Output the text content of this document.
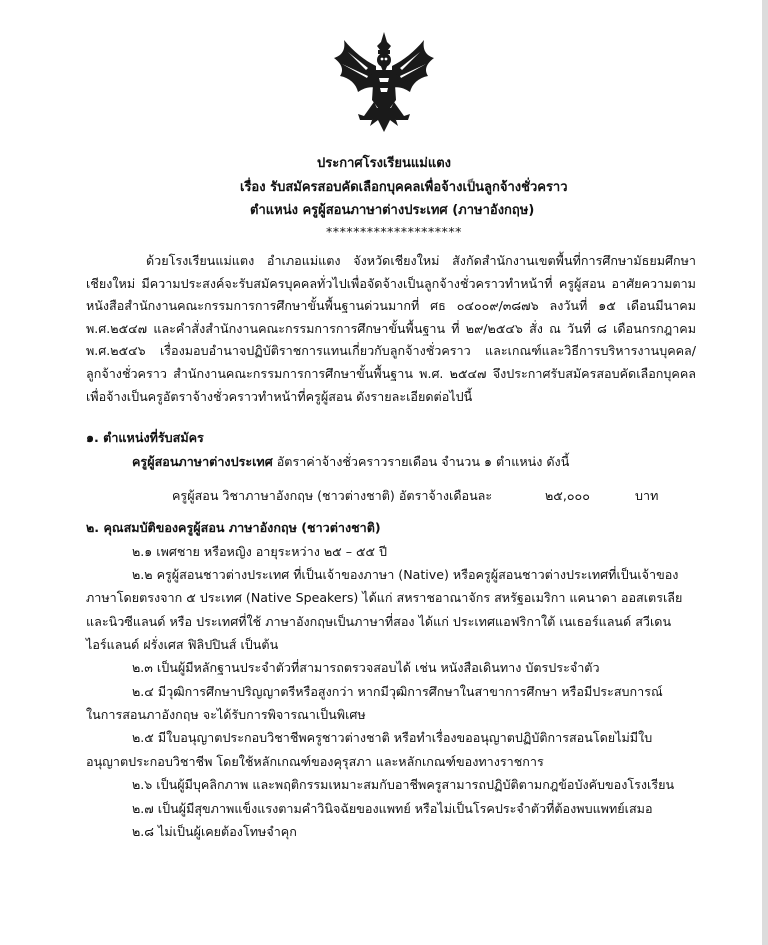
ประกาศโรงเรียนแม่แตง
เรื่อง รับสมัครสอบคัดเลือกบุคคลเพื่อจ้างเป็นลูกจ้างชั่วคราว
ตำแหน่ง ครูผู้สอนภาษาต่างประเทศ (ภาษาอังกฤษ)
********************
ด้วยโรงเรียนแม่แตง อำเภอแม่แตง จังหวัดเชียงใหม่ สังกัดสำนักงานเขตพื้นที่การศึกษามัธยมศึกษาเชียงใหม่ มีความประสงค์จะรับสมัครบุคคลทั่วไปเพื่อจัดจ้างเป็นลูกจ้างชั่วคราวทำหน้าที่ ครูผู้สอน อาศัยความตามหนังสือสำนักงานคณะกรรมการการศึกษาขั้นพื้นฐานด่วนมากที่ ศธ ๐๔๐๐๙/๓๘๗๖ ลงวันที่ ๑๕ เดือนมีนาคม พ.ศ.๒๕๔๗ และคำสั่งสำนักงานคณะกรรมการการศึกษาขั้นพื้นฐาน ที่ ๒๙/๒๕๔๖ สั่ง ณ วันที่ ๘ เดือนกรกฎาคม พ.ศ.๒๕๔๖ เรื่องมอบอำนาจปฏิบัติราชการแทนเกี่ยวกับลูกจ้างชั่วคราว และเกณฑ์และวิธีการบริหารงานบุคคล/ลูกจ้างชั่วคราว สำนักงานคณะกรรมการการศึกษาขั้นพื้นฐาน พ.ศ. ๒๕๔๗ จึงประกาศรับสมัครสอบคัดเลือกบุคคล เพื่อจ้างเป็นครูอัตราจ้างชั่วคราวทำหน้าที่ครูผู้สอน ดังรายละเอียดต่อไปนี้
๑. ตำแหน่งที่รับสมัคร
ครูผู้สอนภาษาต่างประเทศ อัตราค่าจ้างชั่วคราวรายเดือน จำนวน ๑ ตำแหน่ง ดังนี้
ครูผู้สอน วิชาภาษาอังกฤษ (ชาวต่างชาติ) อัตราจ้างเดือนละ	๒๕,๐๐๐	บาท
๒. คุณสมบัติของครูผู้สอน ภาษาอังกฤษ (ชาวต่างชาติ)
๒.๑ เพศชาย หรือหญิง อายุระหว่าง ๒๕ – ๕๕ ปี
๒.๒ ครูผู้สอนชาวต่างประเทศ ที่เป็นเจ้าของภาษา (Native) หรือครูผู้สอนชาวต่างประเทศที่เป็นเจ้าของ
ภาษาโดยตรงจาก ๕ ประเทศ (Native Speakers) ได้แก่ สหราชอาณาจักร สหรัฐอเมริกา แคนาดา ออสเตรเลีย
และนิวซีแลนด์ หรือ ประเทศที่ใช้ ภาษาอังกฤษเป็นภาษาที่สอง ได้แก่ ประเทศแอฟริกาใต้ เนเธอร์แลนด์ สวีเดน
ไอร์แลนด์ ฝรั่งเศส ฟิลิปปินส์ เป็นต้น
๒.๓ เป็นผู้มีหลักฐานประจำตัวที่สามารถตรวจสอบได้ เช่น หนังสือเดินทาง บัตรประจำตัว
๒.๔ มีวุฒิการศึกษาปริญญาตรีหรือสูงกว่า หากมีวุฒิการศึกษาในสาขาการศึกษา หรือมีประสบการณ์
ในการสอนภาอังกฤษ จะได้รับการพิจารณาเป็นพิเศษ
๒.๕ มีใบอนุญาตประกอบวิชาชีพครูชาวต่างชาติ หรือทำเรื่องขออนุญาตปฏิบัติการสอนโดยไม่มีใบ
อนุญาตประกอบวิชาชีพ โดยใช้หลักเกณฑ์ของคุรุสภา และหลักเกณฑ์ของทางราชการ
๒.๖ เป็นผู้มีบุคลิกภาพ และพฤติกรรมเหมาะสมกับอาชีพครูสามารถปฏิบัติตามกฎข้อบังคับของโรงเรียน
๒.๗ เป็นผู้มีสุขภาพแข็งแรงตามคำวินิจฉัยของแพทย์ หรือไม่เป็นโรคประจำตัวที่ต้องพบแพทย์เสมอ
๒.๘ ไม่เป็นผู้เคยต้องโทษจำคุก
